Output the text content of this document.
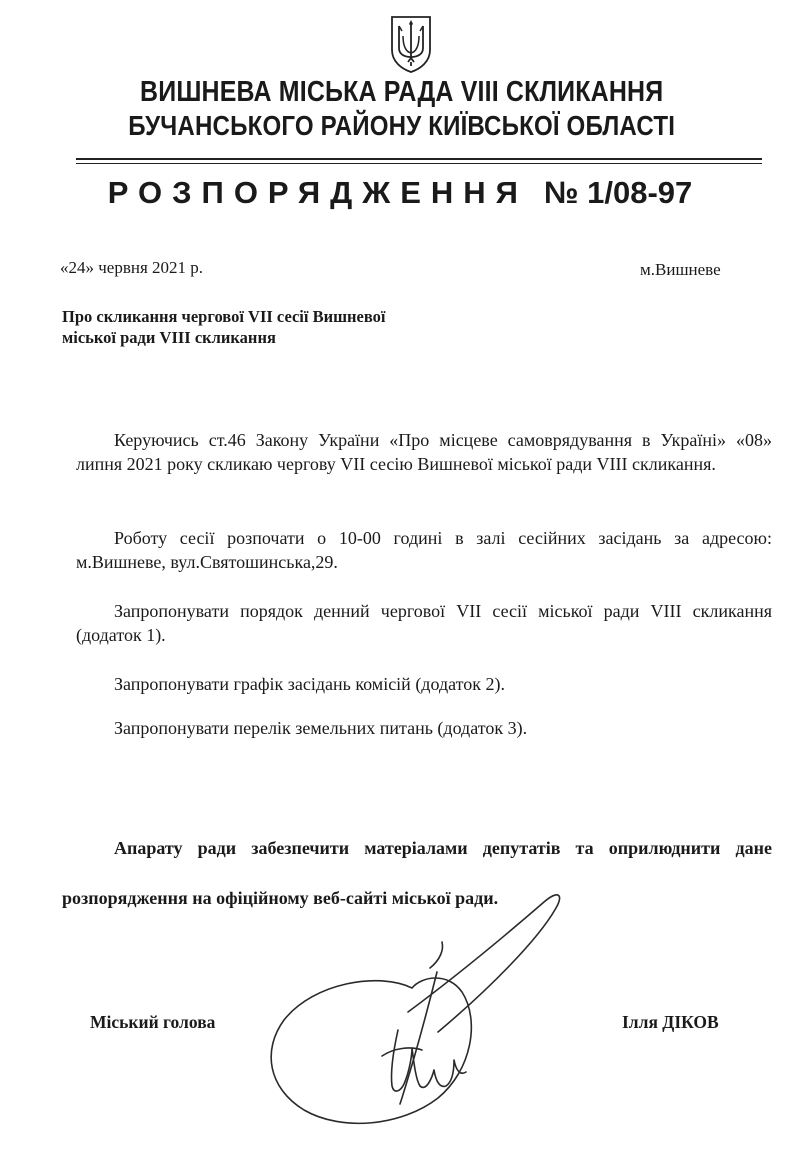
ВИШНЕВА МІСЬКА РАДА VIII СКЛИКАННЯ
БУЧАНСЬКОГО РАЙОНУ КИЇВСЬКОЇ ОБЛАСТІ
РОЗПОРЯДЖЕННЯ № 1/08-97
«24» червня 2021 р.	м.Вишневе
Про скликання чергової VII сесії Вишневої
міської ради VIII скликання
Керуючись ст.46 Закону України «Про місцеве самоврядування в Україні» «08» липня 2021 року скликаю чергову VII сесію Вишневої міської ради VIII скликання.
Роботу сесії розпочати о 10-00 годині в залі сесійних засідань за адресою: м.Вишневе, вул.Святошинська,29.
Запропонувати порядок денний чергової VII сесії міської ради VIII скликання (додаток 1).
Запропонувати графік засідань комісій (додаток 2).
Запропонувати перелік земельних питань (додаток 3).
Апарату ради забезпечити матеріалами депутатів та оприлюднити дане розпорядження на офіційному веб-сайті міської ради.
Міський голова	Ілля ДІКОВ
